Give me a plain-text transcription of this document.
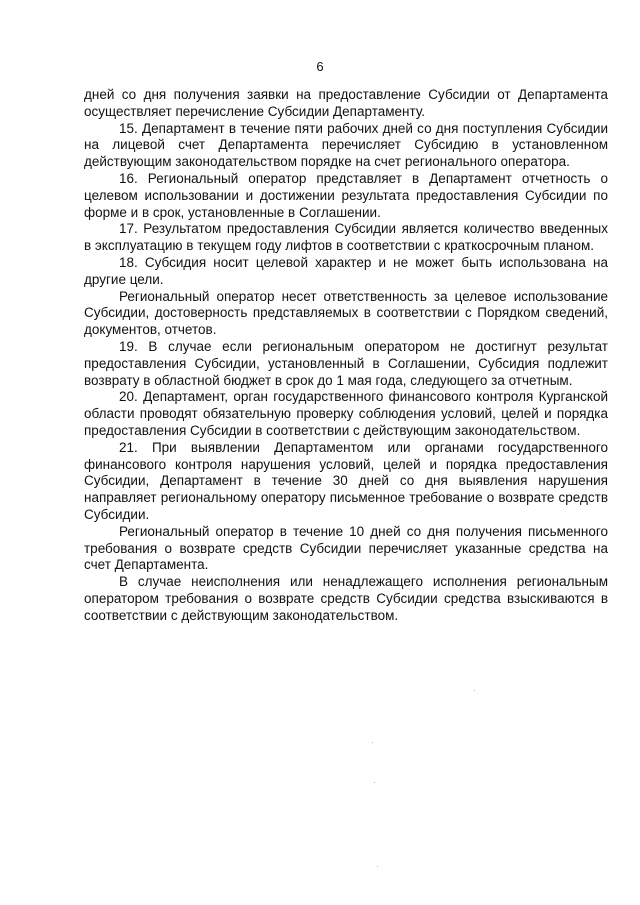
6

дней со дня получения заявки на предоставление Субсидии от Департамента осуществляет перечисление Субсидии Департаменту.

15. Департамент в течение пяти рабочих дней со дня поступления Субсидии на лицевой счет Департамента перечисляет Субсидию в установленном действующим законодательством порядке на счет регионального оператора.

16. Региональный оператор представляет в Департамент отчетность о целевом использовании и достижении результата предоставления Субсидии по форме и в срок, установленные в Соглашении.

17. Результатом предоставления Субсидии является количество введенных в эксплуатацию в текущем году лифтов в соответствии с краткосрочным планом.

18. Субсидия носит целевой характер и не может быть использована на другие цели.

Региональный оператор несет ответственность за целевое использование Субсидии, достоверность представляемых в соответствии с Порядком сведений, документов, отчетов.

19. В случае если региональным оператором не достигнут результат предоставления Субсидии, установленный в Соглашении, Субсидия подлежит возврату в областной бюджет в срок до 1 мая года, следующего за отчетным.

20. Департамент, орган государственного финансового контроля Курганской области проводят обязательную проверку соблюдения условий, целей и порядка предоставления Субсидии в соответствии с действующим законодательством.

21. При выявлении Департаментом или органами государственного финансового контроля нарушения условий, целей и порядка предоставления Субсидии, Департамент в течение 30 дней со дня выявления нарушения направляет региональному оператору письменное требование о возврате средств Субсидии.

Региональный оператор в течение 10 дней со дня получения письменного требования о возврате средств Субсидии перечисляет указанные средства на счет Департамента.

В случае неисполнения или ненадлежащего исполнения региональным оператором требования о возврате средств Субсидии средства взыскиваются в соответствии с действующим законодательством.
